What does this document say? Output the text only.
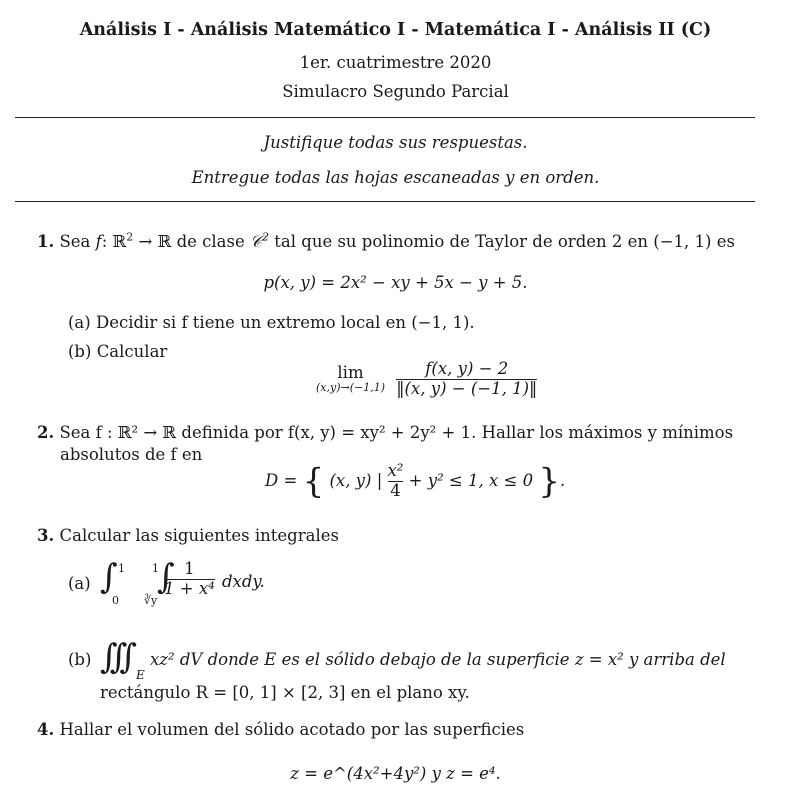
Análisis I - Análisis Matemático I - Matemática I - Análisis II (C)
1er. cuatrimestre 2020
Simulacro Segundo Parcial
Justifique todas sus respuestas.
Entregue todas las hojas escaneadas y en orden.
1. Sea f: ℝ$^2$ → ℝ de clase 𝒞$^2$ tal que su polinomio de Taylor de orden 2 en (−1, 1) es
p(x, y) = 2x² − xy + 5x − y + 5.
(a) Decidir si f tiene un extremo local en (−1, 1).
(b) Calcular
lim
(x,y)→(−1,1)
$\frac{f(x, y) - 2}{‖(x, y) - (-1, 1)‖}$
2. Sea f : ℝ² → ℝ definida por f(x, y) = xy² + 2y² + 1. Hallar los máximos y mínimos
absolutos de f en
D = { (x, y) | $\frac{\text{x²}}{4} + y^2 \le 1$, x ≤ 0 }.
3. Calcular las siguientes integrales
(a) ∫ 1
0
∫
1
∛y
$\frac{1}{\text{1 + x⁴}}$ dxdy.
(b) ∫∫∫ E
xz² dV donde E es el sólido debajo de la superficie z = x² y arriba del
rectángulo R = [0, 1] × [2, 3] en el plano xy.
4. Hallar el volumen del sólido acotado por las superficies
z = e^(4x²+4y²) y z = e⁴.
